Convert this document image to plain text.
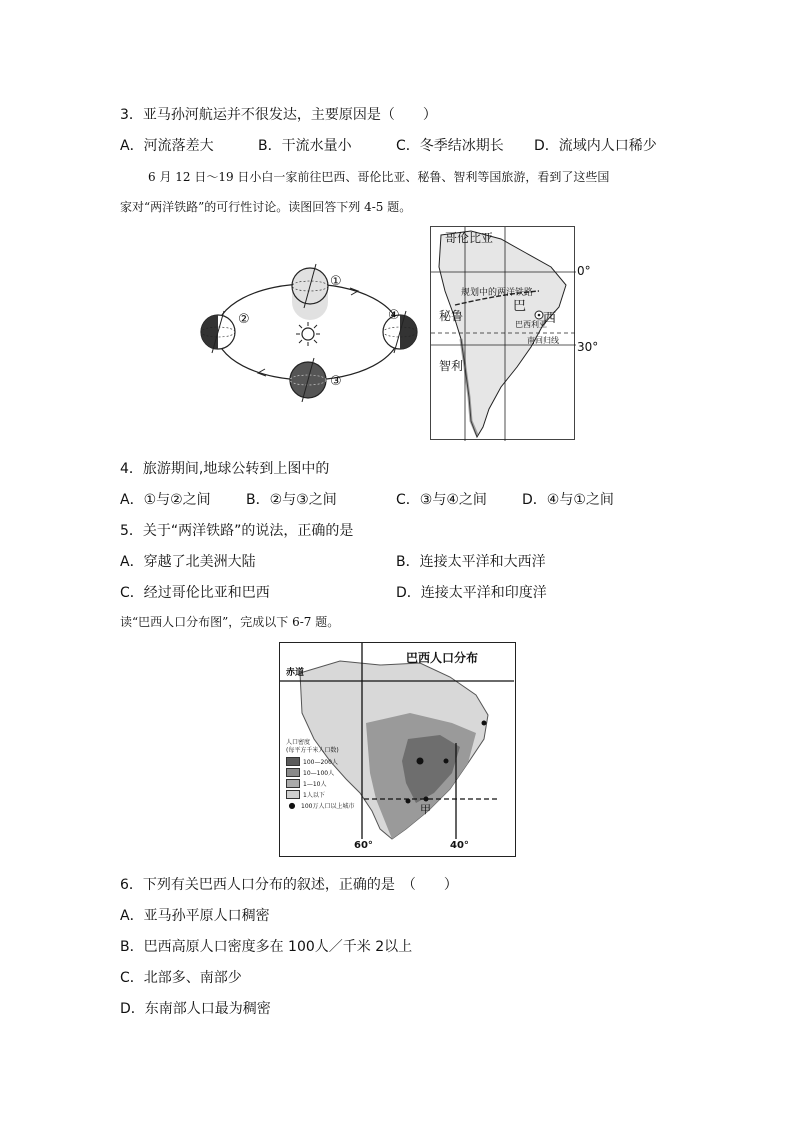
3．亚马孙河航运并不很发达，主要原因是（　　）
A．河流落差大	B．干流水量小	C．冬季结冰期长 D．流域内人口稀少
6 月 12 日～19 日小白一家前往巴西、哥伦比亚、秘鲁、智利等国旅游，看到了这些国
家对“两洋铁路”的可行性讨论。读图回答下列 4-5 题。
①
②
③
④
哥伦比亚
规划中的两洋铁路
巴
西
秘鲁
巴西利亚
南回归线
智利
0°
30°
4．旅游期间,地球公转到上图中的
A．①与②之间	B．②与③之间	C．③与④之间	D．④与①之间
5．关于“两洋铁路”的说法，正确的是
A．穿越了北美洲大陆	B．连接太平洋和大西洋
C．经过哥伦比亚和巴西	D．连接太平洋和印度洋
读“巴西人口分布图”，完成以下 6-7 题。
巴西人口分布
赤道
甲
60°	40°
人口密度
(每平方千米人口数)
100—200人
10—100人
1—10人
1人以下
● 100万人口以上城市
6．下列有关巴西人口分布的叙述，正确的是　（　　）
A．亚马孙平原人口稠密
B．巴西高原人口密度多在 100人／千米 2以上
C．北部多、南部少
D．东南部人口最为稠密
